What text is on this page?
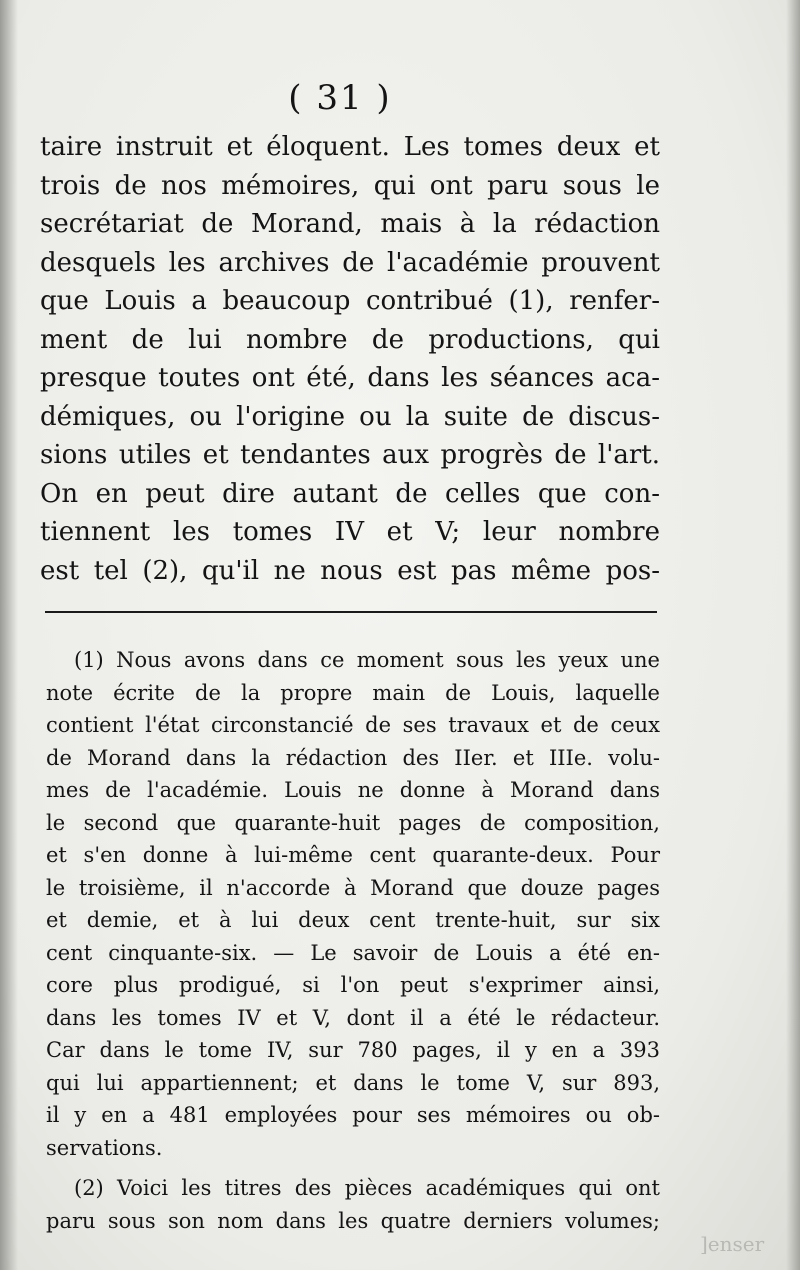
( 31 )
taire instruit et éloquent. Les tomes deux et
trois de nos mémoires, qui ont paru sous le
secrétariat de Morand, mais à la rédaction
desquels les archives de l'académie prouvent
que Louis a beaucoup contribué (1), renfer-
ment de lui nombre de productions, qui
presque toutes ont été, dans les séances aca-
démiques, ou l'origine ou la suite de discus-
sions utiles et tendantes aux progrès de l'art.
On en peut dire autant de celles que con-
tiennent les tomes IV et V; leur nombre
est tel (2), qu'il ne nous est pas même pos-
(1) Nous avons dans ce moment sous les yeux une
note écrite de la propre main de Louis, laquelle
contient l'état circonstancié de ses travaux et de ceux
de Morand dans la rédaction des IIer. et IIIe. volu-
mes de l'académie. Louis ne donne à Morand dans
le second que quarante-huit pages de composition,
et s'en donne à lui-même cent quarante-deux. Pour
le troisième, il n'accorde à Morand que douze pages
et demie, et à lui deux cent trente-huit, sur six
cent cinquante-six. — Le savoir de Louis a été en-
core plus prodigué, si l'on peut s'exprimer ainsi,
dans les tomes IV et V, dont il a été le rédacteur.
Car dans le tome IV, sur 780 pages, il y en a 393
qui lui appartiennent; et dans le tome V, sur 893,
il y en a 481 employées pour ses mémoires ou ob-
servations.
(2) Voici les titres des pièces académiques qui ont
paru sous son nom dans les quatre derniers volumes;
]enser
